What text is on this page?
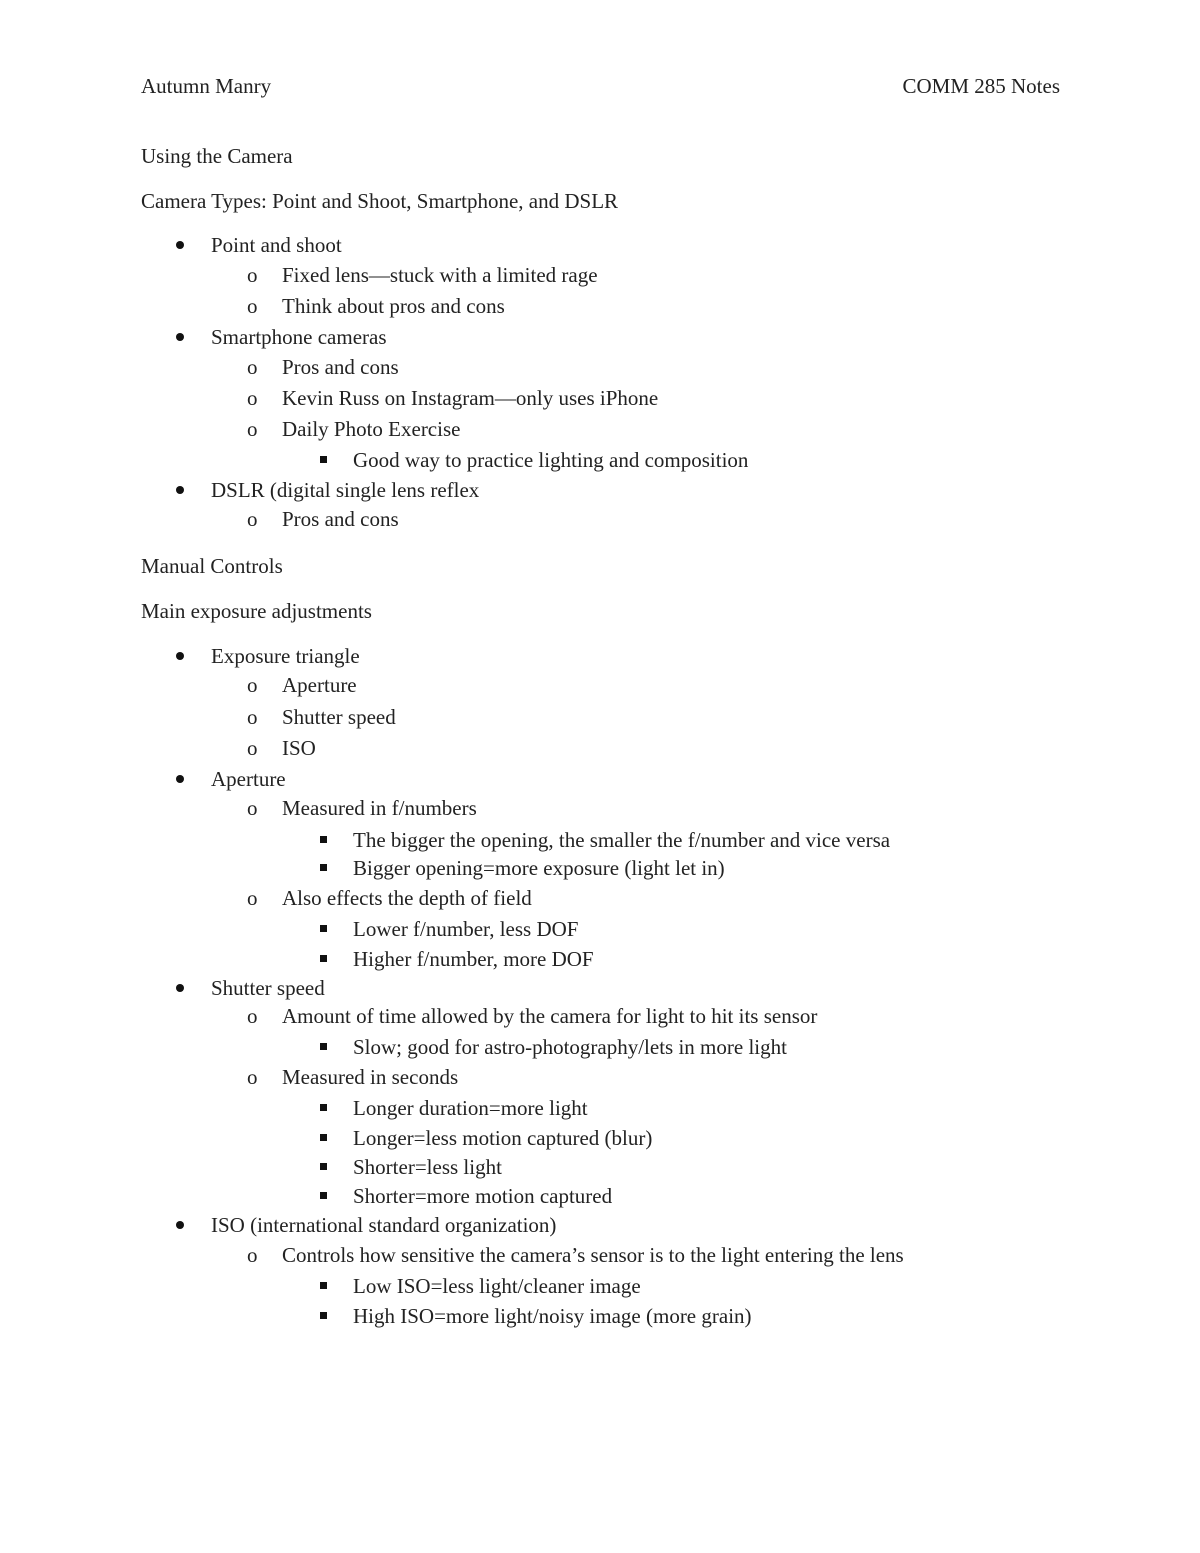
Autumn Manry	COMM 285 Notes
Using the Camera
Camera Types: Point and Shoot, Smartphone, and DSLR
Point and shoot
o Fixed lens—stuck with a limited rage
o Think about pros and cons
Smartphone cameras
o Pros and cons
o Kevin Russ on Instagram—only uses iPhone
o Daily Photo Exercise
Good way to practice lighting and composition
DSLR (digital single lens reflex
o Pros and cons
Manual Controls
Main exposure adjustments
Exposure triangle
o Aperture
o Shutter speed
o ISO
Aperture
o Measured in f/numbers
The bigger the opening, the smaller the f/number and vice versa
Bigger opening=more exposure (light let in)
o Also effects the depth of field
Lower f/number, less DOF
Higher f/number, more DOF
Shutter speed
o Amount of time allowed by the camera for light to hit its sensor
Slow; good for astro-photography/lets in more light
o Measured in seconds
Longer duration=more light
Longer=less motion captured (blur)
Shorter=less light
Shorter=more motion captured
ISO (international standard organization)
o Controls how sensitive the camera’s sensor is to the light entering the lens
Low ISO=less light/cleaner image
High ISO=more light/noisy image (more grain)
